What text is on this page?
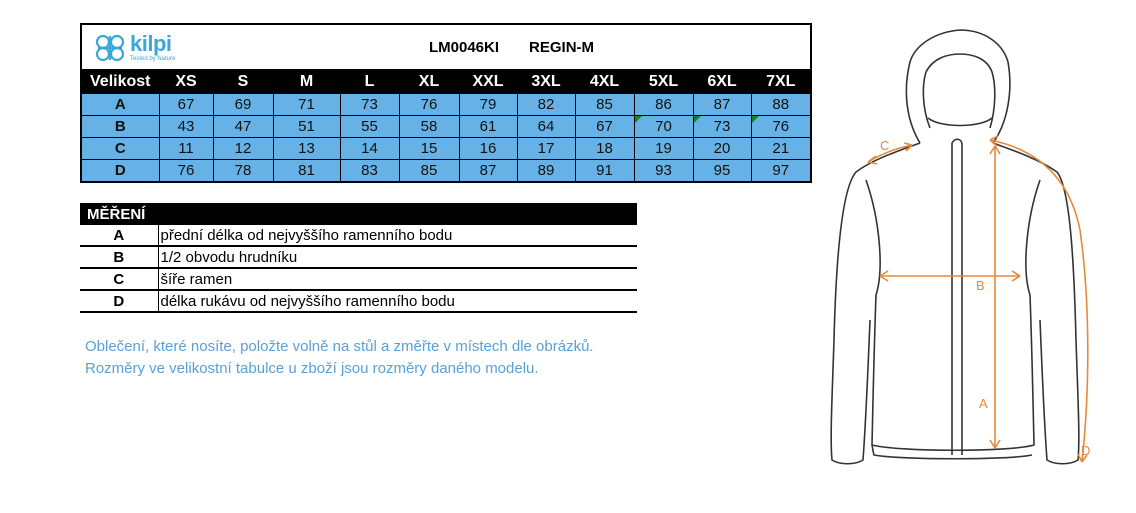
kilpi
Tested by Nature		LM0046KI REGIN-M									
Velikost	XS	S	M	L	XL	XXL	3XL	4XL	5XL	6XL	7XL
A	67	69	71	73	76	79	82	85	86	87	88
B	43	47	51	55	58	61	64	67	70	73	76
C	11	12	13	14	15	16	17	18	19	20	21
D	76	78	81	83	85	87	89	91	93	95	97
MĚŘENÍ	
A	přední délka od nejvyššího ramenního bodu
B	1/2 obvodu hrudníku
C	šíře ramen
D	délka rukávu od nejvyššího ramenního bodu
Oblečení, které nosíte, položte volně na stůl a změřte v místech dle obrázků.
Rozměry ve velikostní tabulce u zboží jsou rozměry daného modelu.
C
B
A
D
